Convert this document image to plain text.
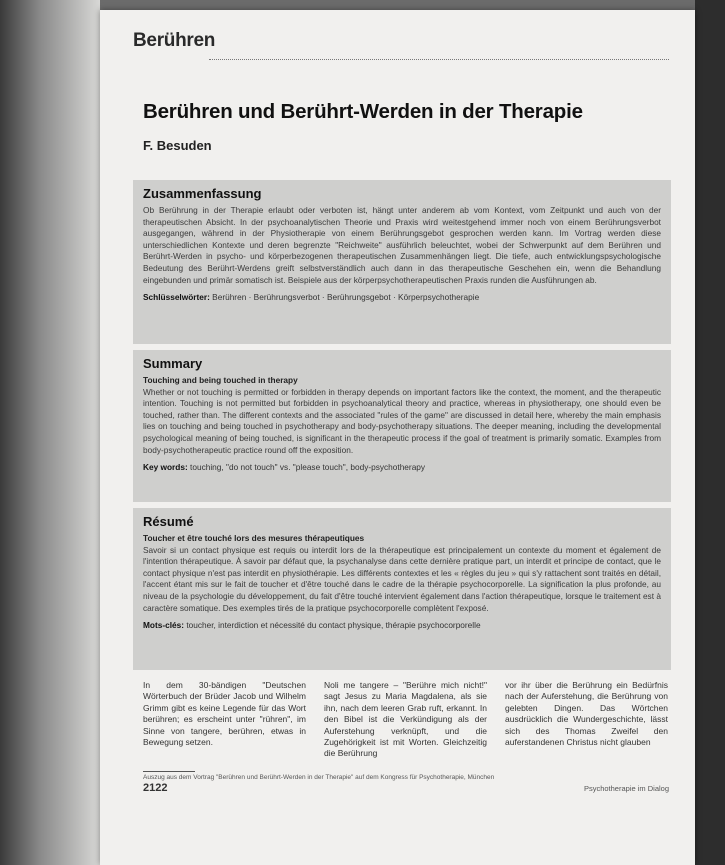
Berühren
Berühren und Berührt-Werden in der Therapie
F. Besuden
Zusammenfassung
Ob Berührung in der Therapie erlaubt oder verboten ist, hängt unter anderem ab vom Kontext, vom Zeitpunkt und auch von der therapeutischen Absicht. In der psychoanalytischen Theorie und Praxis wird weitestgehend immer noch von einem Berührungsverbot ausgegangen, während in der Physiotherapie von einem Berührungsgebot gesprochen werden kann. Im Vortrag werden diese unterschiedlichen Kontexte und deren begrenzte "Reichweite" ausführlich beleuchtet, wobei der Schwerpunkt auf dem Berühren und Berührt-Werden in psycho- und körperbezogenen therapeutischen Zusammenhängen liegt. Die tiefe, auch entwicklungspsychologische Bedeutung des Berührt-Werdens greift selbstverständlich auch dann in das therapeutische Geschehen ein, wenn die Behandlung eingebunden und primär somatisch ist. Beispiele aus der körperpsychotherapeutischen Praxis runden die Ausführungen ab.
Schlüsselwörter: Berühren · Berührungsverbot · Berührungsgebot · Körperpsychotherapie
Summary
Touching and being touched in therapy
Whether or not touching is permitted or forbidden in therapy depends on important factors like the context, the moment, and the therapeutic intention. Touching is not permitted but forbidden in psychoanalytical theory and practice, whereas in physiotherapy, one should even be touched, rather than. The different contexts and the associated "rules of the game" are discussed in detail here, whereby the main emphasis lies on touching and being touched in psychotherapy and body-psychotherapy situations. The deeper meaning, including the developmental psychological meaning of being touched, is significant in the therapeutic process if the goal of treatment is primarily somatic. Examples from body-psychotherapeutic practice round off the exposition.
Key words: touching, "do not touch" vs. "please touch", body-psychotherapy
Résumé
Toucher et être touché lors des mesures thérapeutiques
Savoir si un contact physique est requis ou interdit lors de la thérapeutique est principalement un contexte du moment et également de l'intention thérapeutique. À savoir par défaut que, la psychanalyse dans cette dernière pratique part, un interdit et principe de contact, que le contact physique n'est pas interdit en physiothérapie. Les différents contextes et les « règles du jeu » qui s'y rattachent sont traités en détail, l'accent étant mis sur le fait de toucher et d'être touché dans le cadre de la thérapie psychocorporelle. La signification la plus profonde, au niveau de la psychologie du développement, du fait d'être touché intervient également dans l'action thérapeutique, lorsque le traitement est à caractère somatique. Des exemples tirés de la pratique psychocorporelle complètent l'exposé.
Mots-clés: toucher, interdiction et nécessité du contact physique, thérapie psychocorporelle
In dem 30-bändigen "Deutschen Wörterbuch der Brüder Jacob und Wilhelm Grimm gibt es keine Legende für das Wort berühren; es erscheint unter "rühren", im Sinne von tangere, berühren, etwas in Bewegung setzen.
Noli me tangere – "Berühre mich nicht!" sagt Jesus zu Maria Magdalena, als sie ihn, nach dem leeren Grab ruft, erkannt. In den Bibel ist die Verkündigung als der Auferstehung verknüpft, und die Zugehörigkeit ist mit Worten. Gleichzeitig die Berührung
vor ihr über die Berührung ein Bedürfnis nach der Auferstehung, die Berührung von gelebten Dingen. Das Wörtchen ausdrücklich die Wundergeschichte, lässt sich des Thomas Zweifel den auferstandenen Christus nicht glauben
Auszug aus dem Vortrag "Berühren und Berührt-Werden in der Therapie" auf dem Kongress für Psychotherapie, München
2122	Psychotherapie im Dialog
